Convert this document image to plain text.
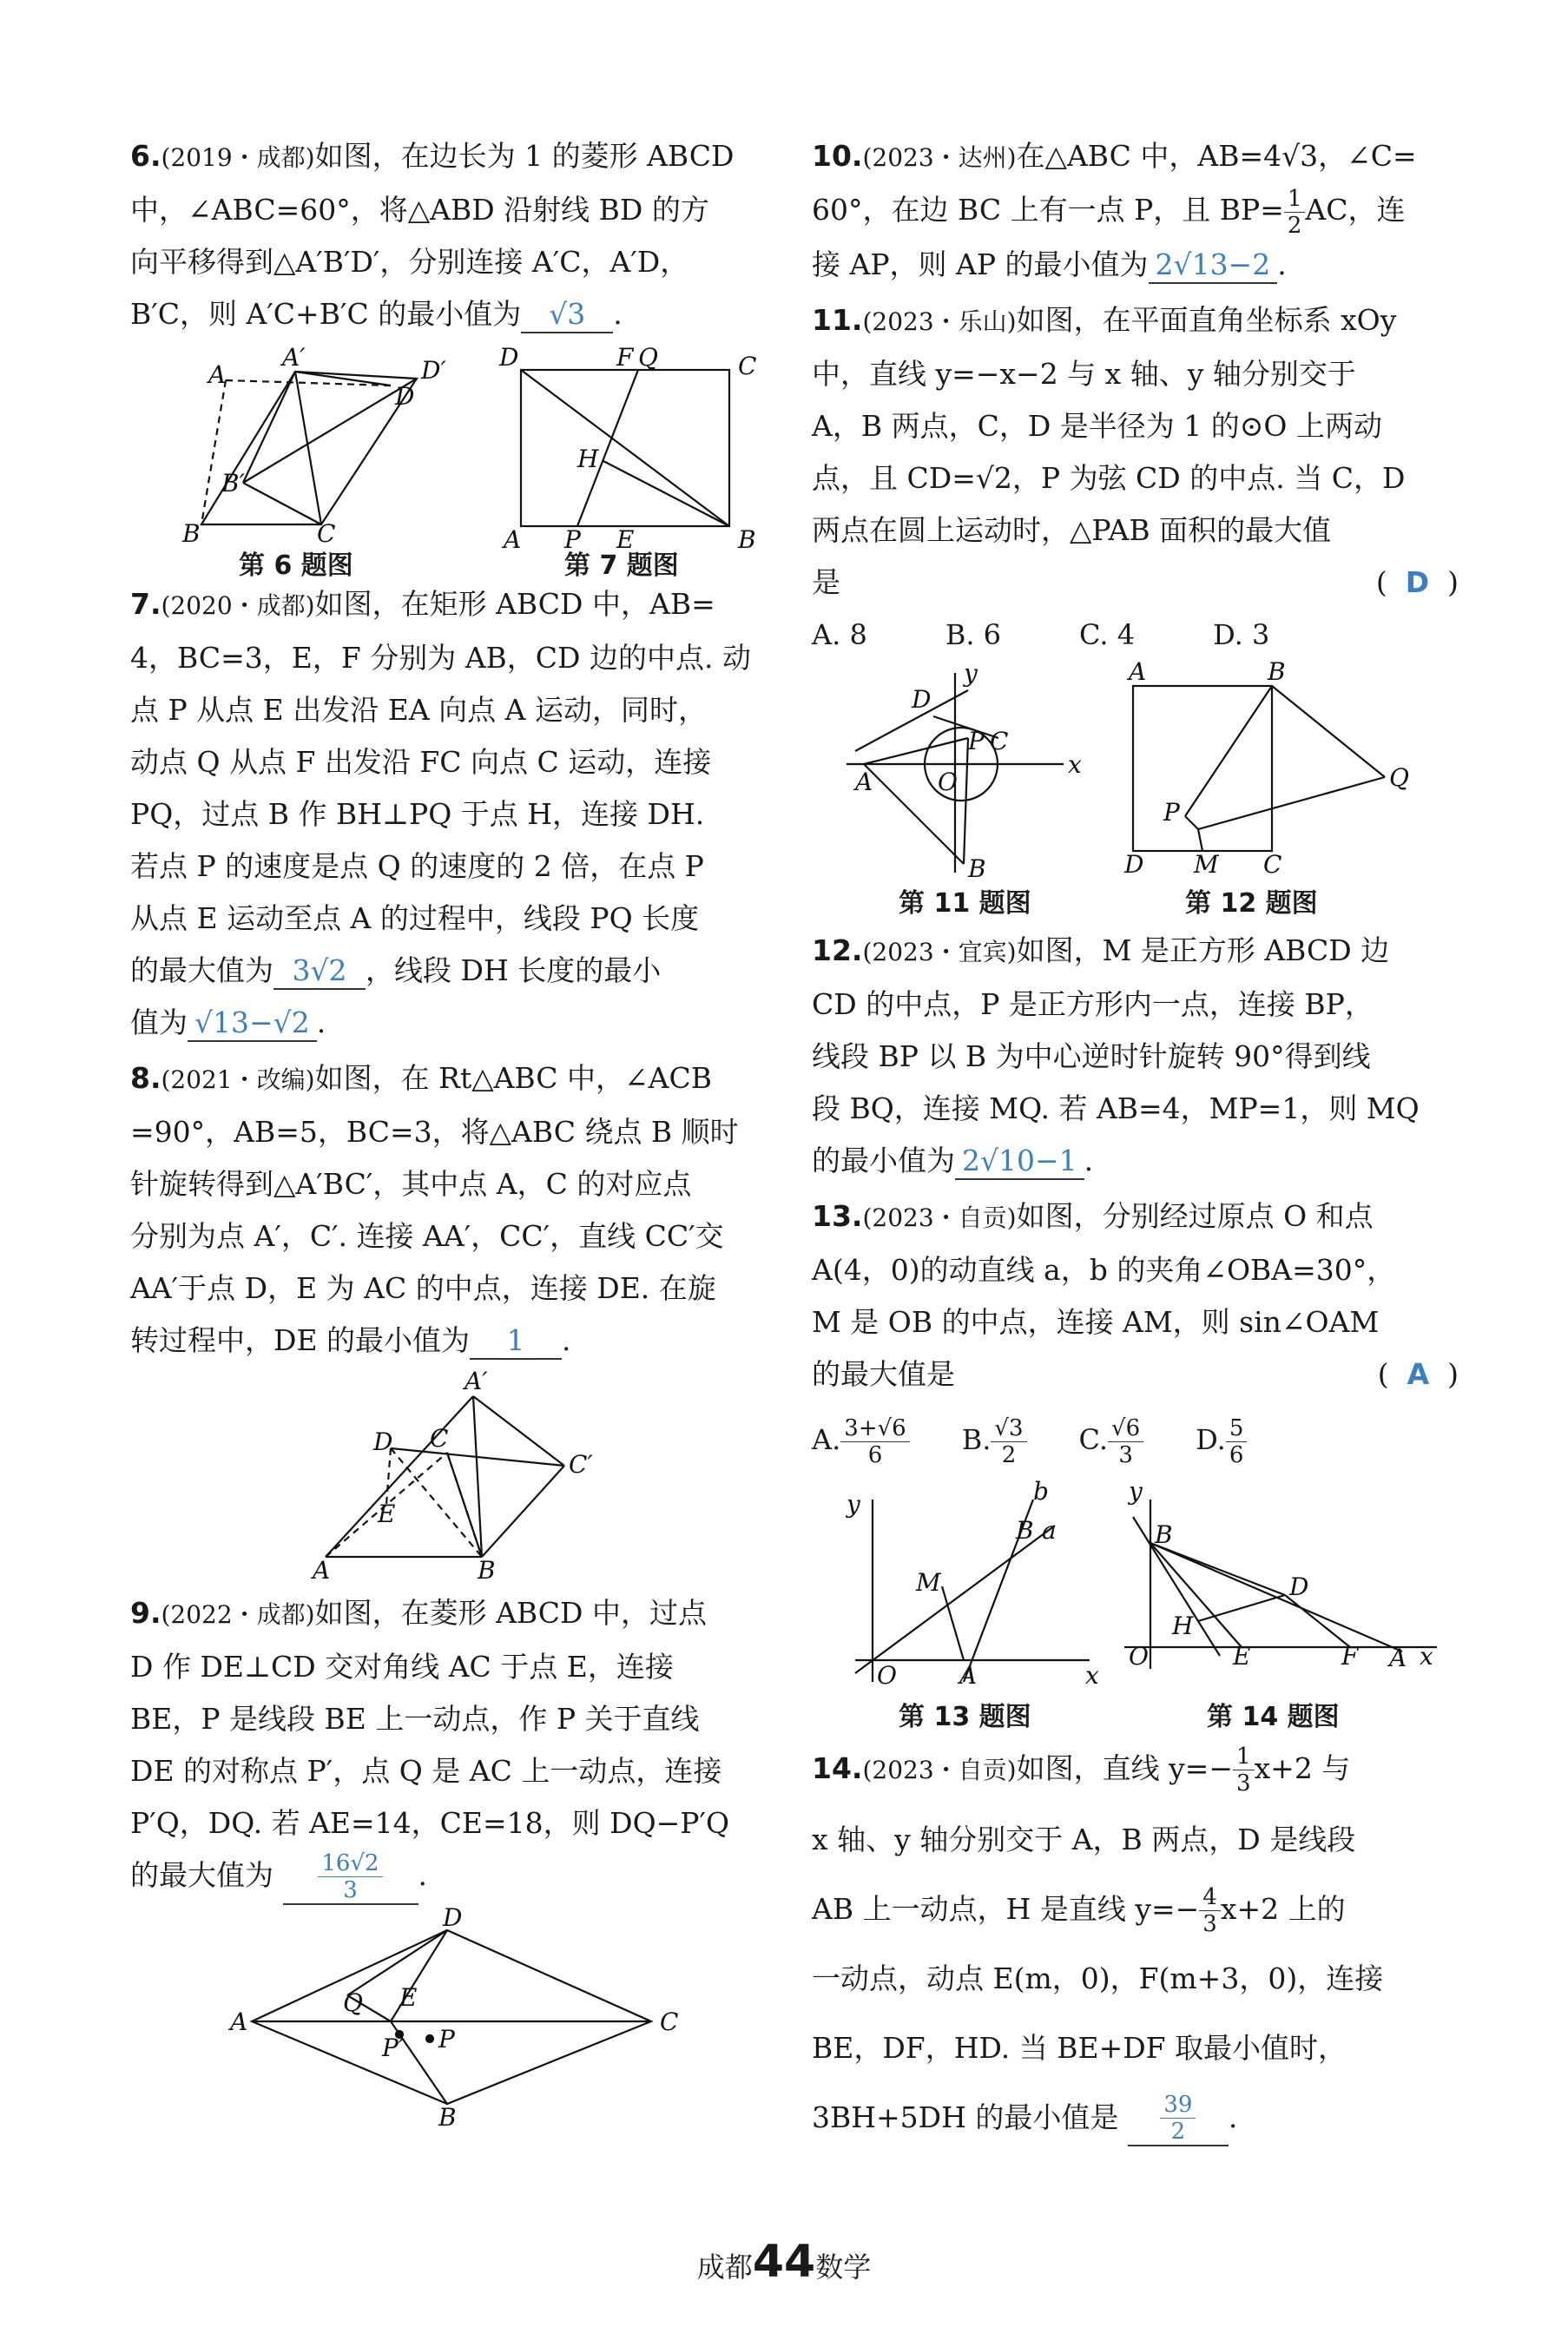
6.(2019・成都)如图，在边长为 1 的菱形 ABCD
中，∠ABC=60°，将△ABD 沿射线 BD 的方
向平移得到△A′B′D′，分别连接 A′C，A′D，
B′C，则 A′C+B′C 的最小值为 √3 .
A′	D′
A
D
B′
B	C
D	F Q	C
H
A P E	B
第 6 题图	第 7 题图
7.(2020・成都)如图，在矩形 ABCD 中，AB=
4，BC=3，E，F 分别为 AB，CD 边的中点. 动
点 P 从点 E 出发沿 EA 向点 A 运动，同时，
动点 Q 从点 F 出发沿 FC 向点 C 运动，连接
PQ，过点 B 作 BH⊥PQ 于点 H，连接 DH.
若点 P 的速度是点 Q 的速度的 2 倍，在点 P
从点 E 运动至点 A 的过程中，线段 PQ 长度
的最大值为 3√2 ，线段 DH 长度的最小
值为 √13−√2 .
8.(2021・改编)如图，在 Rt△ABC 中，∠ACB
=90°，AB=5，BC=3，将△ABC 绕点 B 顺时
针旋转得到△A′BC′，其中点 A，C 的对应点
分别为点 A′，C′. 连接 AA′，CC′，直线 CC′交
AA′于点 D，E 为 AC 的中点，连接 DE. 在旋
转过程中，DE 的最小值为 1 .
A′
D C
C′
E
A	B
9.(2022・成都)如图，在菱形 ABCD 中，过点
D 作 DE⊥CD 交对角线 AC 于点 E，连接
BE，P 是线段 BE 上一动点，作 P 关于直线
DE 的对称点 P′，点 Q 是 AC 上一动点，连接
P′Q，DQ. 若 AE=14，CE=18，则 DQ−P′Q
的最大值为 $\frac{16√2}{3}$ .
D
Q E
A	C
P′ P
B
10.(2023・达州)在△ABC 中，AB=4√3，∠C=
60°，在边 BC 上有一点 P，且 $BP= \frac{1}{2}$ AC，连
接 AP，则 AP 的最小值为 2√13−2 .
11.(2023・乐山)如图，在平面直角坐标系 xOy
中，直线 y=−x−2 与 x 轴、y 轴分别交于
A，B 两点，C，D 是半径为 1 的⊙O 上两动
点，且 CD=√2，P 为弦 CD 的中点. 当 C，D
两点在圆上运动时，△PAB 面积的最大值
是	(  D  )
A. 8	B. 6	C. 4	D. 3
D
y
P C
A	O
x
B
A	B
Q
P
D M C
第 11 题图	第 12 题图
12.(2023・宜宾)如图，M 是正方形 ABCD 边
CD 的中点，P 是正方形内一点，连接 BP，
线段 BP 以 B 为中心逆时针旋转 90°得到线
段 BQ，连接 MQ. 若 AB=4，MP=1，则 MQ
的最小值为 2√10−1 .
13.(2023・自贡)如图，分别经过原点 O 和点
A(4，0)的动直线 a，b 的夹角∠OBA=30°，
M 是 OB 的中点，连接 AM，则 sin∠OAM
的最大值是	(  A  )
A. $\frac{3+√6}{6} B$. $\frac{√3}{2} C$. $\frac{√6}{3} D$. $\frac{5}{6}$
y	b
B a
M
O	A	x
y
B
D
H
O	E	F A x
第 13 题图	第 14 题图
14.(2023・自贡)如图，直线 $y=- \frac{1}{3} x+2$ 与
x 轴、y 轴分别交于 A，B 两点，D 是线段
AB 上一动点，H 是直线 $y=- \frac{4}{3} x+2$ 上的
一动点，动点 E(m，0)，F(m+3，0)，连接
BE，DF，HD. 当 BE+DF 取最小值时，
3BH+5DH 的最小值是 $\frac{39}{2}$ .
成都44数学
